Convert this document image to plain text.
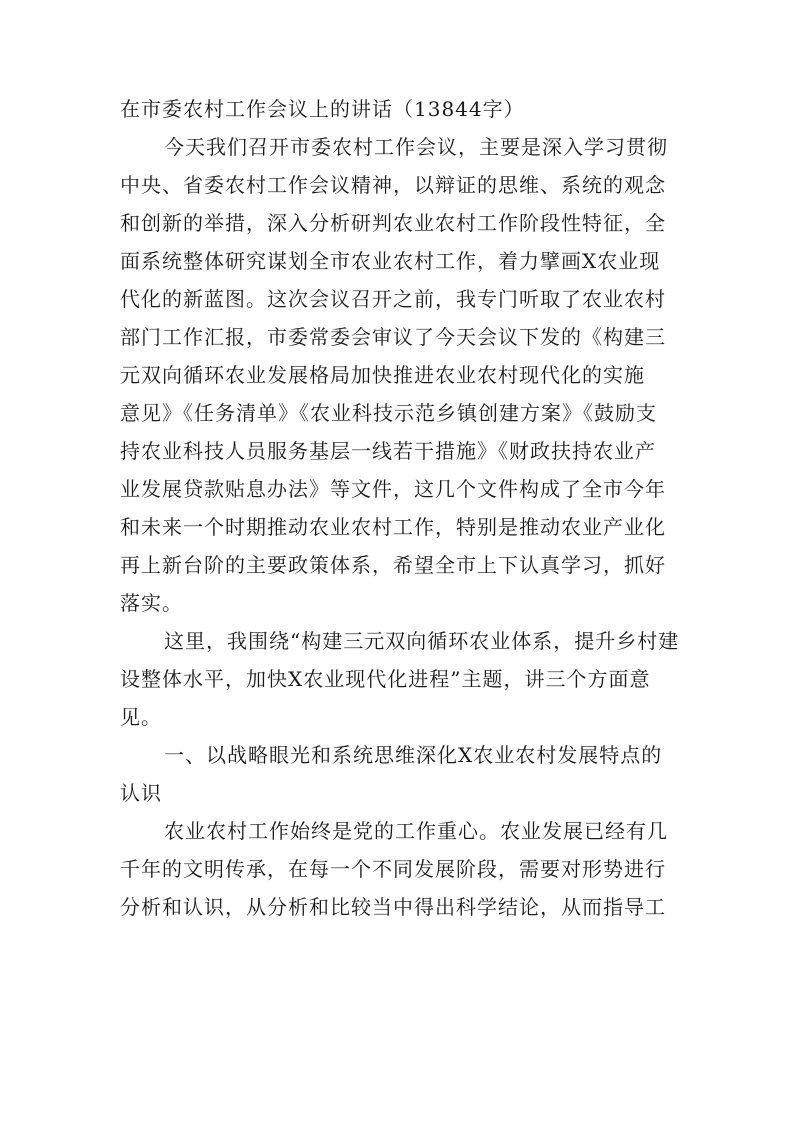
在市委农村工作会议上的讲话（13844字）
今天我们召开市委农村工作会议，主要是深入学习贯彻
中央、省委农村工作会议精神，以辩证的思维、系统的观念
和创新的举措，深入分析研判农业农村工作阶段性特征，全
面系统整体研究谋划全市农业农村工作，着力擘画X农业现
代化的新蓝图。这次会议召开之前，我专门听取了农业农村
部门工作汇报，市委常委会审议了今天会议下发的《构建三
元双向循环农业发展格局加快推进农业农村现代化的实施
意见》《任务清单》《农业科技示范乡镇创建方案》《鼓励支
持农业科技人员服务基层一线若干措施》《财政扶持农业产
业发展贷款贴息办法》等文件，这几个文件构成了全市今年
和未来一个时期推动农业农村工作，特别是推动农业产业化
再上新台阶的主要政策体系，希望全市上下认真学习，抓好
落实。
这里，我围绕“构建三元双向循环农业体系，提升乡村建
设整体水平，加快X农业现代化进程”主题，讲三个方面意
见。
一、以战略眼光和系统思维深化X农业农村发展特点的
认识
农业农村工作始终是党的工作重心。农业发展已经有几
千年的文明传承，在每一个不同发展阶段，需要对形势进行
分析和认识，从分析和比较当中得出科学结论，从而指导工
